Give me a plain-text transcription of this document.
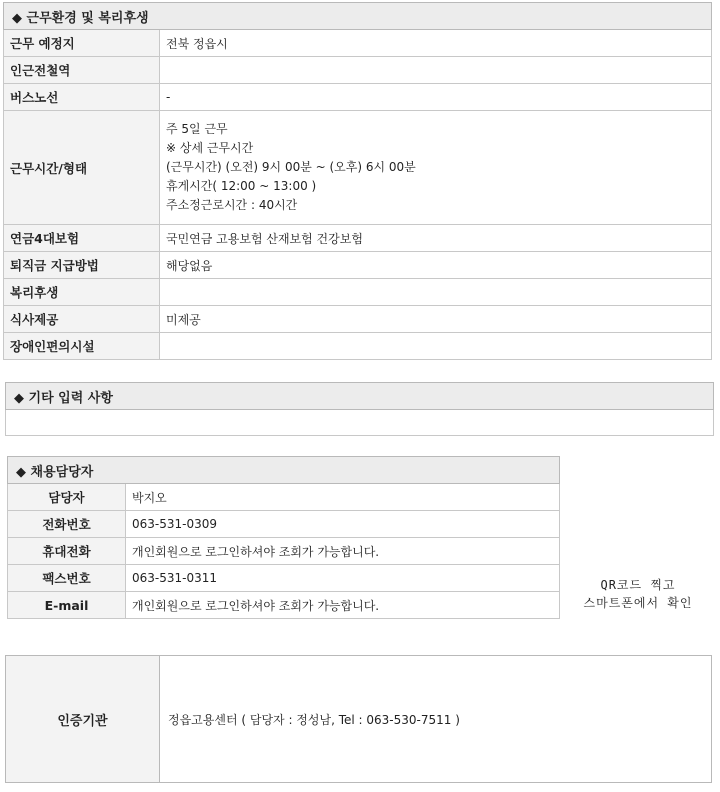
◆ 근무환경 및 복리후생	
근무 예정지	전북 정읍시
인근전철역	
버스노선	-
근무시간/형태	주 5일 근무
※ 상세 근무시간
(근무시간) (오전) 9시 00분 ~ (오후) 6시 00분
휴게시간( 12:00 ~ 13:00 )
주소정근로시간 : 40시간

연금4대보험	국민연금 고용보험 산재보험 건강보험
퇴직금 지급방법	해당없음
복리후생	
식사제공	미제공
장애인편의시설	
◆ 기타 입력 사항

◆ 채용담당자	
담당자	박지오
전화번호	063-531-0309
휴대전화	개인회원으로 로그인하셔야 조회가 가능합니다.
팩스번호	063-531-0311
E-mail	개인회원으로 로그인하셔야 조회가 가능합니다.
QR코드 찍고
스마트폰에서 확인
인증기관	정읍고용센터 ( 담당자 : 정성남, Tel : 063-530-7511 )
